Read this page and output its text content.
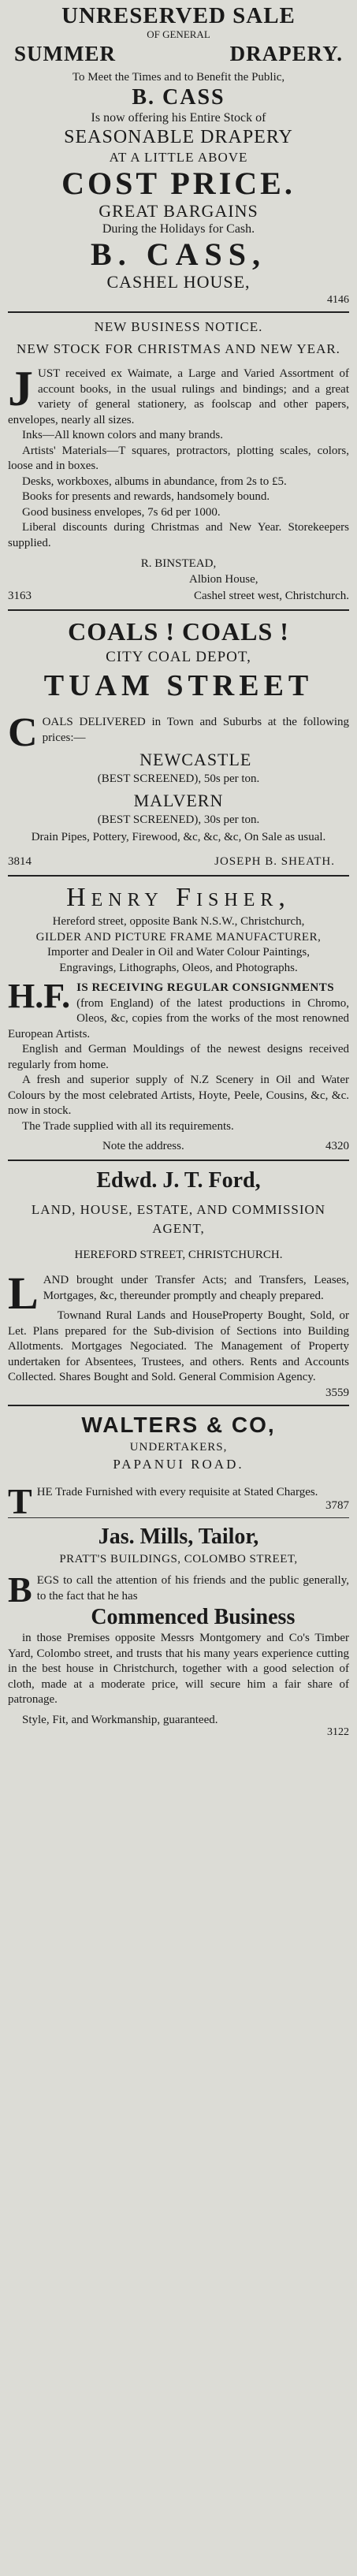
UNRESERVED SALE
OF GENERAL
SUMMER	DRAPERY.
To Meet the Times and to Benefit the Public,
B. CASS
Is now offering his Entire Stock of
SEASONABLE DRAPERY
AT A LITTLE ABOVE
COST PRICE.
GREAT BARGAINS
During the Holidays for Cash.
B. CASS,
CASHEL HOUSE,
4146
NEW BUSINESS NOTICE.
NEW STOCK FOR CHRISTMAS AND NEW YEAR.
J UST received ex Waimate, a Large and Varied Assortment of account books, in the usual rulings and bindings; and a great variety of general stationery, as foolscap and other papers, envelopes, nearly all sizes.

Inks—All known colors and many brands.

Artists' Materials—T squares, protractors, plotting scales, colors, loose and in boxes.

Desks, workboxes, albums in abundance, from 2s to £5.

Books for presents and rewards, handsomely bound.

Good business envelopes, 7s 6d per 1000.

Liberal discounts during Christmas and New Year. Storekeepers supplied.

R. BINSTEAD,
Albion House,
3163	Cashel street west, Christchurch.
COALS ! COALS !
CITY COAL DEPOT,
TUAM STREET
C OALS DELIVERED in Town and Suburbs at the following prices:—

NEWCASTLE
(BEST SCREENED), 50s per ton.
MALVERN
(BEST SCREENED), 30s per ton.
Drain Pipes, Pottery, Firewood, &c, &c, &c, On Sale as usual.
3814	JOSEPH B. SHEATH.
Henry Fisher,
Hereford street, opposite Bank N.S.W., Christchurch,
GILDER AND PICTURE FRAME MANUFACTURER,
Importer and Dealer in Oil and Water Colour Paintings,
Engravings, Lithographs, Oleos, and Photographs.
H.F. IS RECEIVING REGULAR CONSIGNMENTS

(from England) of the latest productions in Chromo, Oleos, &c, copies from the works of the most renowned European Artists.

English and German Mouldings of the newest designs received regularly from home.

A fresh and superior supply of N.Z Scenery in Oil and Water Colours by the most celebrated Artists, Hoyte, Peele, Cousins, &c, &c. now in stock.

The Trade supplied with all its requirements.

Note the address.	4320
Edwd. J. T. Ford,
LAND, HOUSE, ESTATE, AND COMMISSION AGENT,
HEREFORD STREET, CHRISTCHURCH.
L AND brought under Transfer Acts; and Transfers, Leases, Mortgages, &c, thereunder promptly and cheaply prepared.

Townand Rural Lands and HouseProperty Bought, Sold, or Let. Plans prepared for the Sub-division of Sections into Building Allotments. Mortgages Negociated. The Management of Property undertaken for Absentees, Trustees, and others. Rents and Accounts Collected. Shares Bought and Sold. General Commision Agency.

3559
WALTERS & CO,
UNDERTAKERS,
PAPANUI ROAD.
T HE Trade Furnished with every requisite at Stated Charges.

3787
Jas. Mills, Tailor,
PRATT'S BUILDINGS, COLOMBO STREET,
B EGS to call the attention of his friends and the public generally, to the fact that he has

Commenced Business

in those Premises opposite Messrs Montgomery and Co's Timber Yard, Colombo street, and trusts that his many years experience cutting in the best house in Christchurch, together with a good selection of cloth, made at a moderate price, will secure him a fair share of patronage.

Style, Fit, and Workmanship, guaranteed.

3122
